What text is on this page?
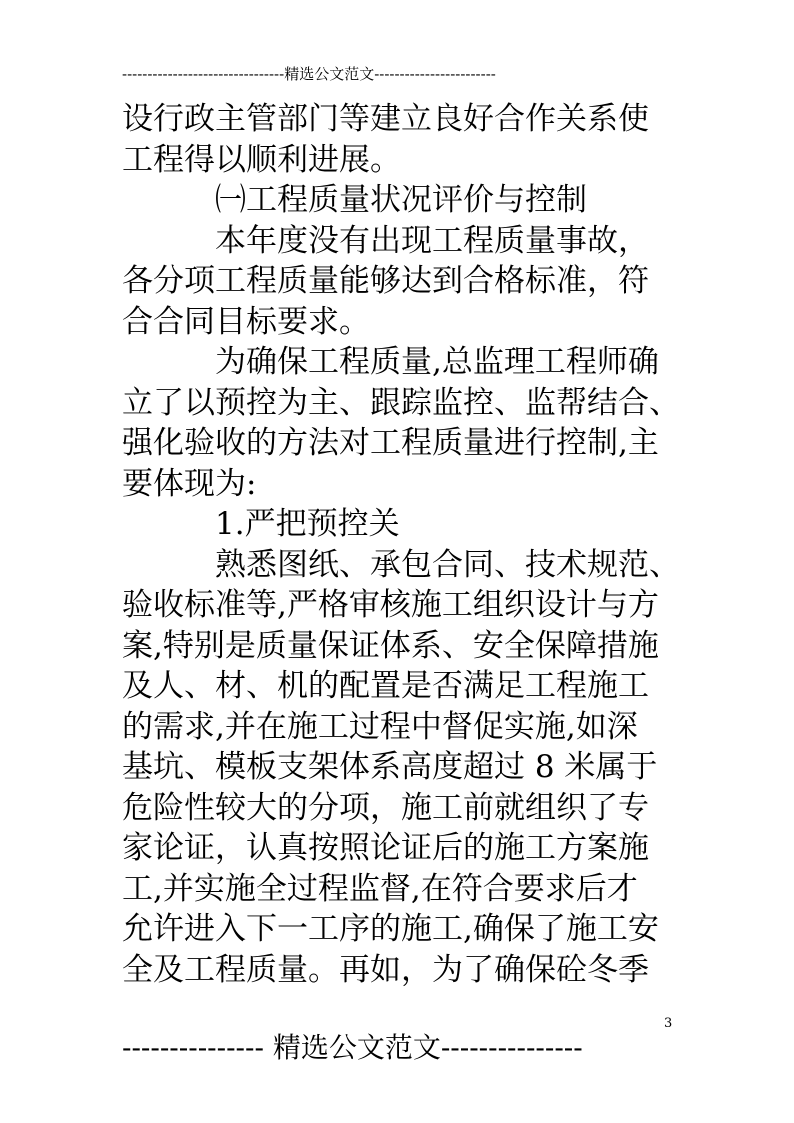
--------------------------------精选公文范文------------------------

设行政主管部门等建立良好合作关系使
工程得以顺利进展。

㈠工程质量状况评价与控制

本年度没有出现工程质量事故，
各分项工程质量能够达到合格标准，符
合合同目标要求。

为确保工程质量,总监理工程师确
立了以预控为主、跟踪监控、监帮结合、
强化验收的方法对工程质量进行控制,主
要体现为:

1.严把预控关

熟悉图纸、承包合同、技术规范、
验收标准等,严格审核施工组织设计与方
案,特别是质量保证体系、安全保障措施
及人、材、机的配置是否满足工程施工
的需求,并在施工过程中督促实施,如深
基坑、模板支架体系高度超过 8 米属于
危险性较大的分项，施工前就组织了专
家论证，认真按照论证后的施工方案施
工,并实施全过程监督,在符合要求后才
允许进入下一工序的施工,确保了施工安
全及工程质量。再如，为了确保砼冬季

3
--------------- 精选公文范文---------------
